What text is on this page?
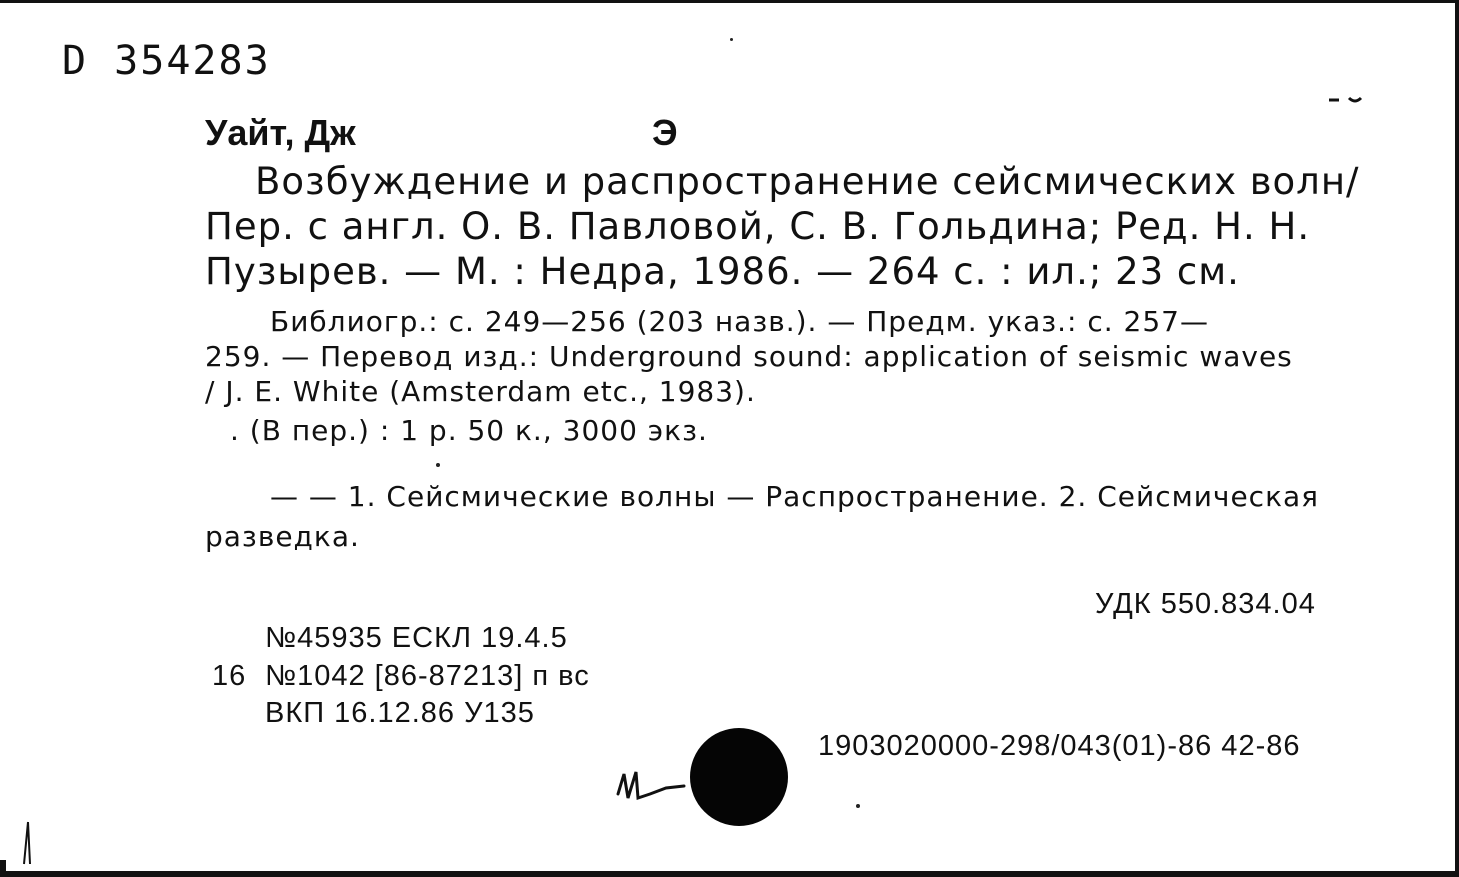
D 354283
Уайт, Дж	Э
Возбуждение и распространение сейсмических волн/
Пер. с англ. О. В. Павловой, С. В. Гольдина; Ред. Н. Н.
Пузырев. — М. : Недра, 1986. — 264 с. : ил.; 23 см.
Библиогр.: с. 249—256 (203 назв.). — Предм. указ.: с. 257—
259. — Перевод изд.: Underground sound: application of seismic waves
/ J. E. White (Amsterdam etc., 1983).
. (В пер.) : 1 р. 50 к., 3000 экз.
— — 1. Сейсмические волны — Распространение. 2. Сейсмическая
разведка.
УДК 550.834.04
№45935 ЕСКЛ 19.4.5
16 №1042 [86-87213] п вс
ВКП 16.12.86 У135
1903020000-298/043(01)-86 42-86
